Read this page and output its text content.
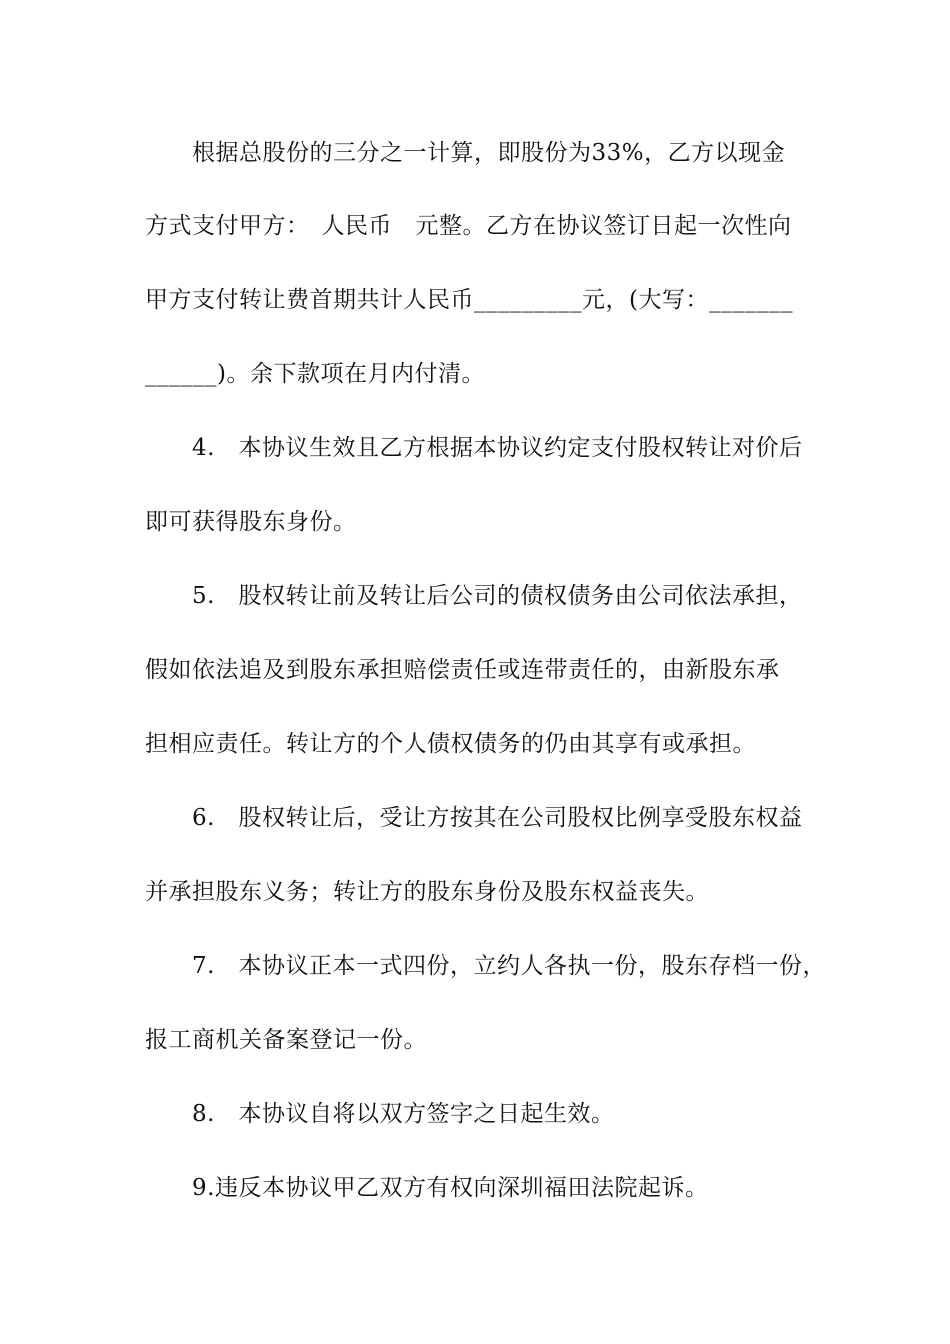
　　根据总股份的三分之一计算，即股份为33%，乙方以现金
方式支付甲方：　人民币　元整。乙方在协议签订日起一次性向
甲方支付转让费首期共计人民币_________元，(大写：_______
______)。余下款项在月内付清。
　　4.　本协议生效且乙方根据本协议约定支付股权转让对价后
即可获得股东身份。
　　5.　股权转让前及转让后公司的债权债务由公司依法承担，
假如依法追及到股东承担赔偿责任或连带责任的，由新股东承
担相应责任。转让方的个人债权债务的仍由其享有或承担。
　　6.　股权转让后，受让方按其在公司股权比例享受股东权益
并承担股东义务；转让方的股东身份及股东权益丧失。
　　7.　本协议正本一式四份，立约人各执一份，股东存档一份，
报工商机关备案登记一份。
　　8.　本协议自将以双方签字之日起生效。
　　9.违反本协议甲乙双方有权向深圳福田法院起诉。
